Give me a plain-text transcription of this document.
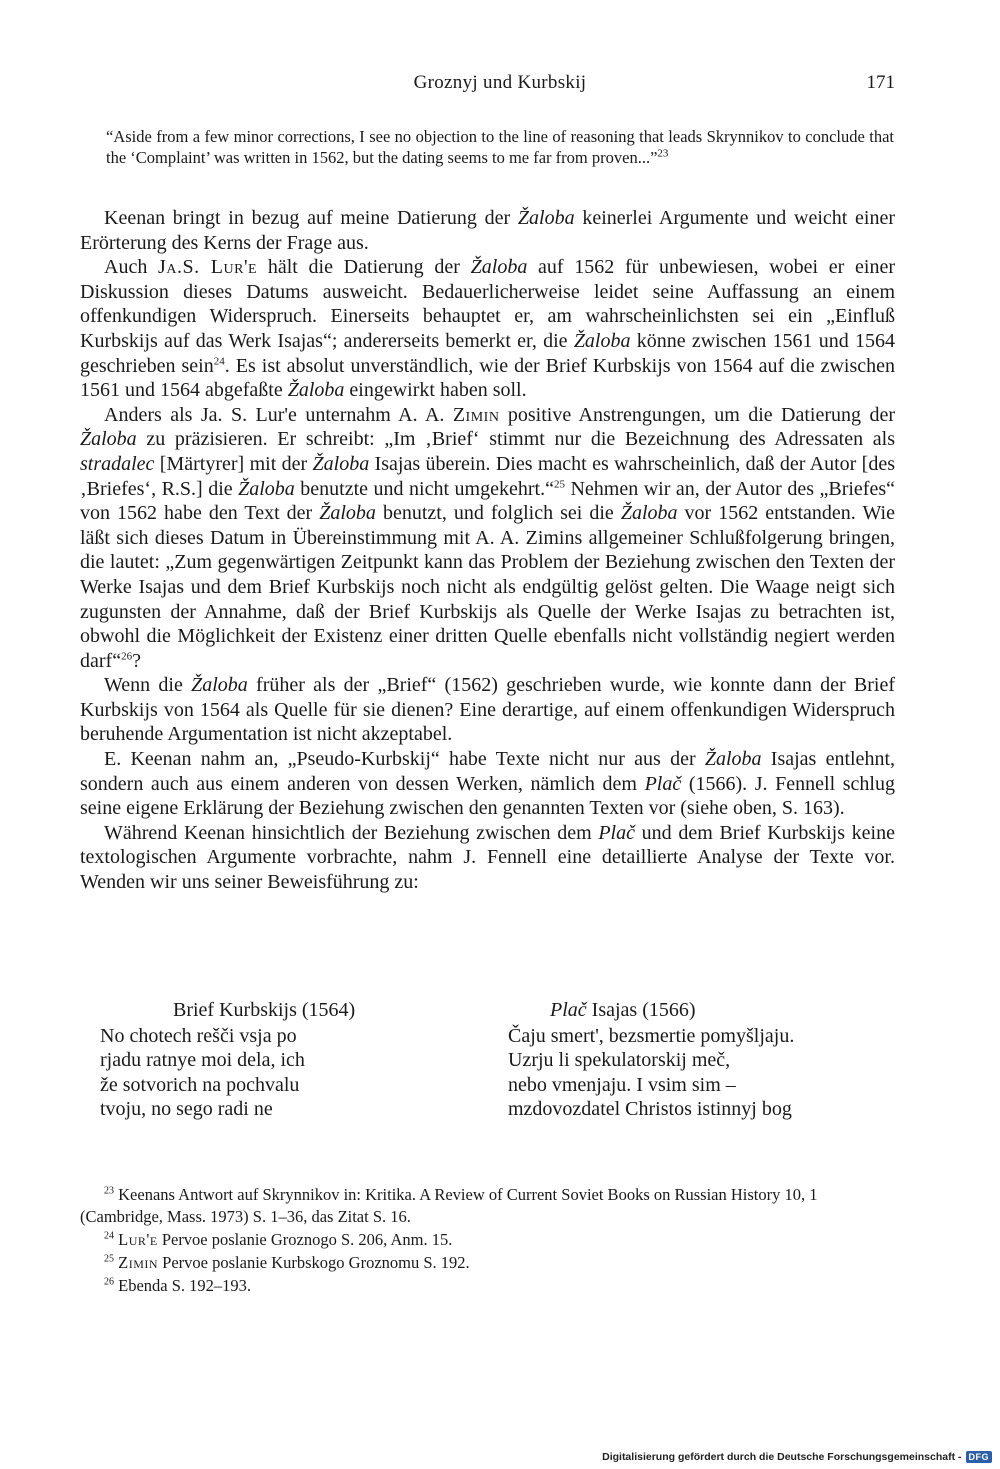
Groznyj und Kurbskij	171

“Aside from a few minor corrections, I see no objection to the line of reasoning that leads Skrynnikov to conclude that the ‘Complaint’ was written in 1562, but the dating seems to me far from proven...”$^{23}$

Keenan bringt in bezug auf meine Datierung der Žaloba keinerlei Argumente und weicht einer Erörterung des Kerns der Frage aus.

Auch Ja.S. Lur'e hält die Datierung der Žaloba auf 1562 für unbewiesen, wobei er einer Diskussion dieses Datums ausweicht. Bedauerlicherweise leidet seine Auffassung an einem offenkundigen Widerspruch. Einerseits behauptet er, am wahrscheinlichsten sei ein „Einfluß Kurbskijs auf das Werk Isajas“; andererseits bemerkt er, die Žaloba könne zwischen 1561 und 1564 geschrieben sein$^{24}$. Es ist absolut unverständlich, wie der Brief Kurbskijs von 1564 auf die zwischen 1561 und 1564 abgefaßte Žaloba eingewirkt haben soll.

Anders als Ja. S. Lur'e unternahm A. A. Zimin positive Anstrengungen, um die Datierung der Žaloba zu präzisieren. Er schreibt: „Im ‚Brief‘ stimmt nur die Bezeichnung des Adressaten als stradalec [Märtyrer] mit der Žaloba Isajas überein. Dies macht es wahrscheinlich, daß der Autor [des ‚Briefes‘, R.S.] die Žaloba benutzte und nicht umgekehrt.“$^{25}$ Nehmen wir an, der Autor des „Briefes“ von 1562 habe den Text der Žaloba benutzt, und folglich sei die Žaloba vor 1562 entstanden. Wie läßt sich dieses Datum in Übereinstimmung mit A. A. Zimins allgemeiner Schlußfolgerung bringen, die lautet: „Zum gegenwärtigen Zeitpunkt kann das Problem der Beziehung zwischen den Texten der Werke Isajas und dem Brief Kurbskijs noch nicht als endgültig gelöst gelten. Die Waage neigt sich zugunsten der Annahme, daß der Brief Kurbskijs als Quelle der Werke Isajas zu betrachten ist, obwohl die Möglichkeit der Existenz einer dritten Quelle ebenfalls nicht vollständig negiert werden darf“$^{26}$?

Wenn die Žaloba früher als der „Brief“ (1562) geschrieben wurde, wie konnte dann der Brief Kurbskijs von 1564 als Quelle für sie dienen? Eine derartige, auf einem offenkundigen Widerspruch beruhende Argumentation ist nicht akzeptabel.

E. Keenan nahm an, „Pseudo-Kurbskij“ habe Texte nicht nur aus der Žaloba Isajas entlehnt, sondern auch aus einem anderen von dessen Werken, nämlich dem Plač (1566). J. Fennell schlug seine eigene Erklärung der Beziehung zwischen den genannten Texten vor (siehe oben, S. 163).

Während Keenan hinsichtlich der Beziehung zwischen dem Plač und dem Brief Kurbskijs keine textologischen Argumente vorbrachte, nahm J. Fennell eine detaillierte Analyse der Texte vor. Wenden wir uns seiner Beweisführung zu:

Brief Kurbskijs (1564)
No chotech rešči vsja po
rjadu ratnye moi dela, ich
že sotvorich na pochvalu
tvoju, no sego radi ne
Plač Isajas (1566)
Čaju smert', bezsmertie pomyšljaju.
Uzrju li spekulatorskij meč,
nebo vmenjaju. I vsim sim –
mzdovozdatel Christos istinnyj bog

$^{23}$ Keenans Antwort auf Skrynnikov in: Kritika. A Review of Current Soviet Books on Russian History 10, 1 (Cambridge, Mass. 1973) S. 1–36, das Zitat S. 16.

$^{24}$ Lur'e Pervoe poslanie Groznogo S. 206, Anm. 15.

$^{25}$ Zimin Pervoe poslanie Kurbskogo Groznomu S. 192.

$^{26}$ Ebenda S. 192–193.

Digitalisierung gefördert durch die Deutsche Forschungsgemeinschaft - DFG
